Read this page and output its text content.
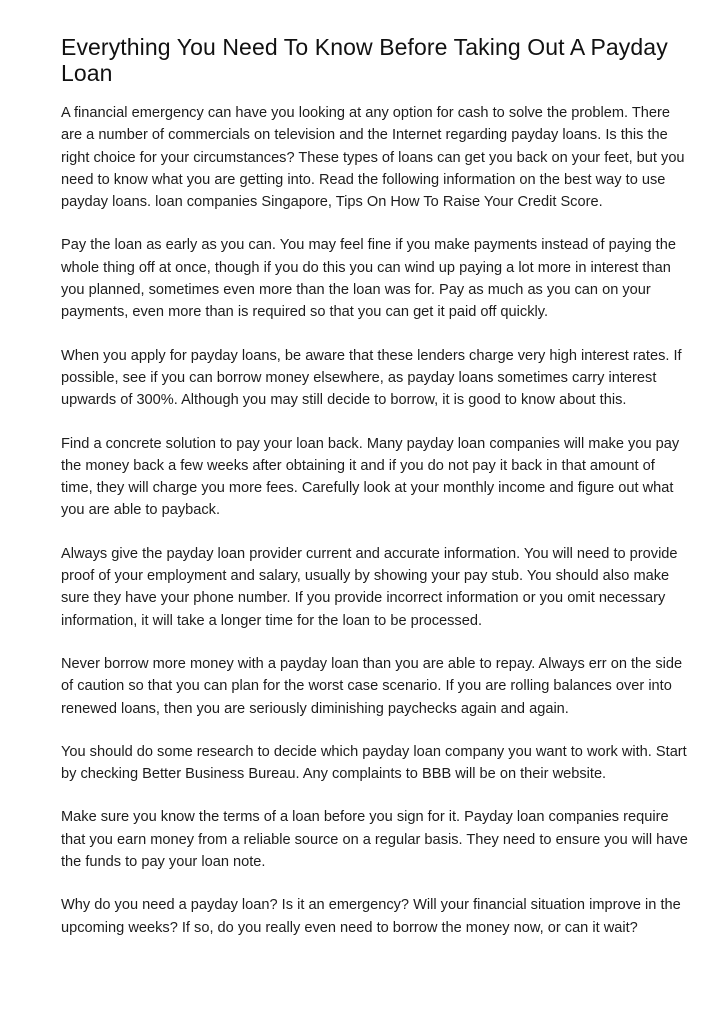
Everything You Need To Know Before Taking Out A Payday Loan

A financial emergency can have you looking at any option for cash to solve the problem. There are a number of commercials on television and the Internet regarding payday loans. Is this the right choice for your circumstances? These types of loans can get you back on your feet, but you need to know what you are getting into. Read the following information on the best way to use payday loans. loan companies Singapore, Tips On How To Raise Your Credit Score.

Pay the loan as early as you can. You may feel fine if you make payments instead of paying the whole thing off at once, though if you do this you can wind up paying a lot more in interest than you planned, sometimes even more than the loan was for. Pay as much as you can on your payments, even more than is required so that you can get it paid off quickly.

When you apply for payday loans, be aware that these lenders charge very high interest rates. If possible, see if you can borrow money elsewhere, as payday loans sometimes carry interest upwards of 300%. Although you may still decide to borrow, it is good to know about this.

Find a concrete solution to pay your loan back. Many payday loan companies will make you pay the money back a few weeks after obtaining it and if you do not pay it back in that amount of time, they will charge you more fees. Carefully look at your monthly income and figure out what you are able to payback.

Always give the payday loan provider current and accurate information. You will need to provide proof of your employment and salary, usually by showing your pay stub. You should also make sure they have your phone number. If you provide incorrect information or you omit necessary information, it will take a longer time for the loan to be processed.

Never borrow more money with a payday loan than you are able to repay. Always err on the side of caution so that you can plan for the worst case scenario. If you are rolling balances over into renewed loans, then you are seriously diminishing paychecks again and again.

You should do some research to decide which payday loan company you want to work with. Start by checking Better Business Bureau. Any complaints to BBB will be on their website.

Make sure you know the terms of a loan before you sign for it. Payday loan companies require that you earn money from a reliable source on a regular basis. They need to ensure you will have the funds to pay your loan note.

Why do you need a payday loan? Is it an emergency? Will your financial situation improve in the upcoming weeks? If so, do you really even need to borrow the money now, or can it wait?
